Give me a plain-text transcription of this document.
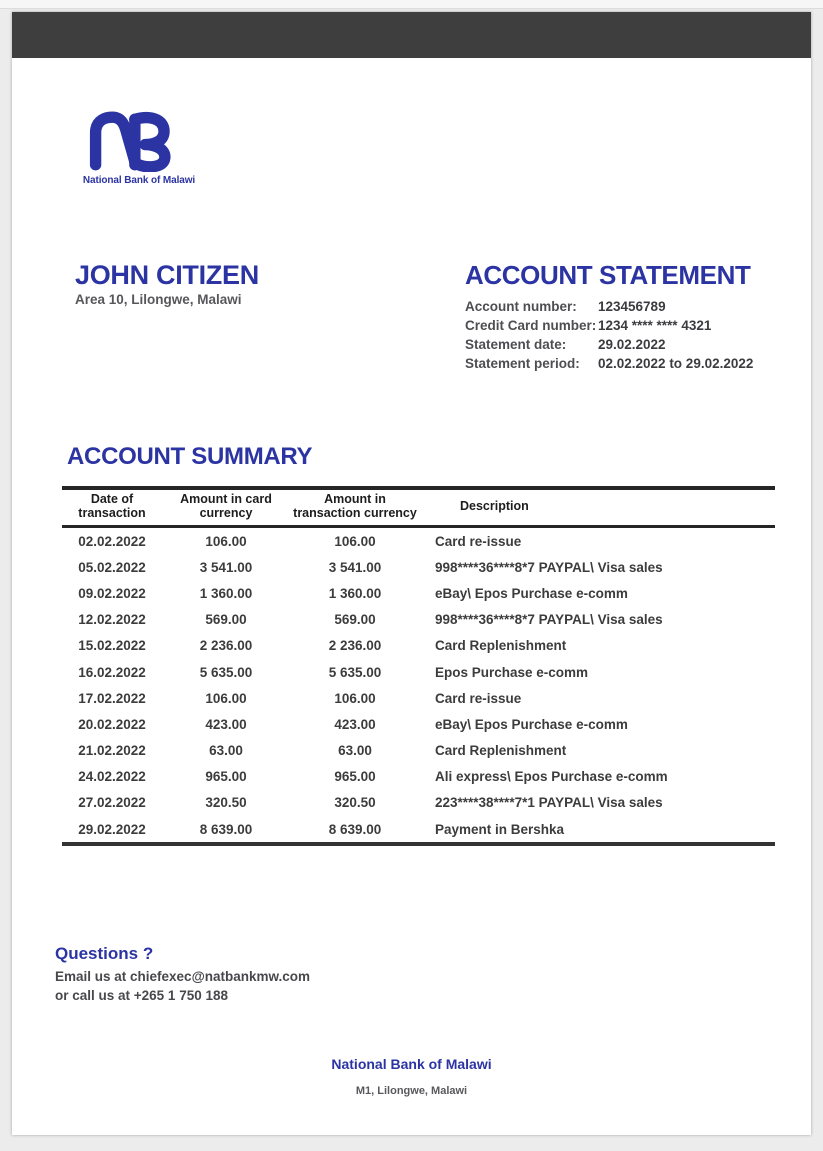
National Bank of Malawi
JOHN CITIZEN
Area 10, Lilongwe, Malawi
ACCOUNT STATEMENT
Account number:	123456789
Credit Card number: 1234 **** **** 4321
Statement date:	29.02.2022
Statement period:	02.02.2022 to 29.02.2022
ACCOUNT SUMMARY
Date of transaction	Amount in card currency	Amount in transaction currency	Description
02.02.2022	106.00	106.00	Card re-issue
05.02.2022	3 541.00	3 541.00	998****36****8*7 PAYPAL\ Visa sales
09.02.2022	1 360.00	1 360.00	eBay\ Epos Purchase e-comm
12.02.2022	569.00	569.00	998****36****8*7 PAYPAL\ Visa sales
15.02.2022	2 236.00	2 236.00	Card Replenishment
16.02.2022	5 635.00	5 635.00	Epos Purchase e-comm
17.02.2022	106.00	106.00	Card re-issue
20.02.2022	423.00	423.00	eBay\ Epos Purchase e-comm
21.02.2022	63.00	63.00	Card Replenishment
24.02.2022	965.00	965.00	Ali express\ Epos Purchase e-comm
27.02.2022	320.50	320.50	223****38****7*1 PAYPAL\ Visa sales
29.02.2022	8 639.00	8 639.00	Payment in Bershka
Questions ?
Email us at chiefexec@natbankmw.com
or call us at +265 1 750 188
National Bank of Malawi
M1, Lilongwe, Malawi
